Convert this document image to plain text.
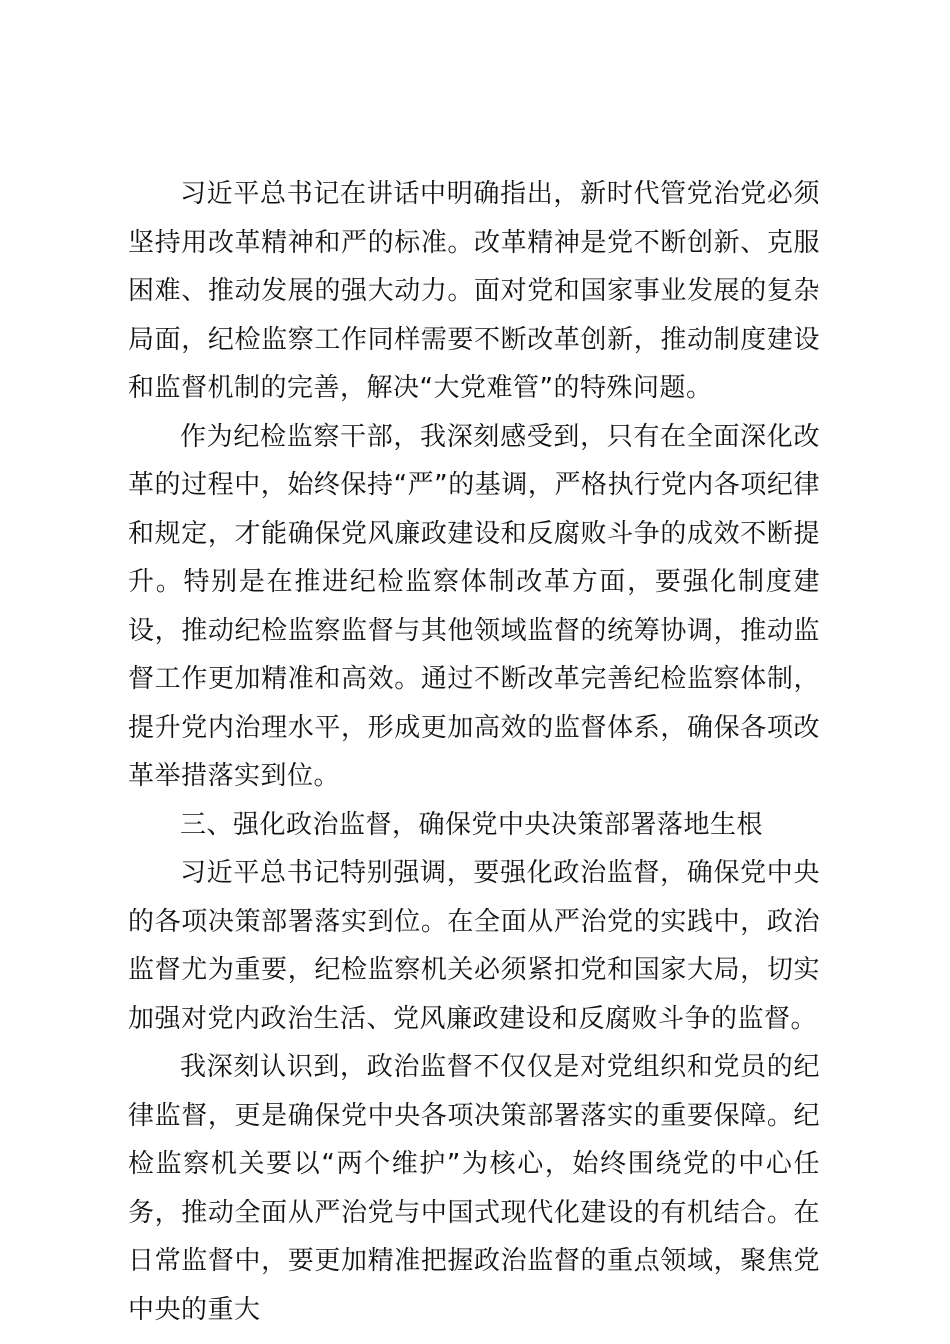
习近平总书记在讲话中明确指出，新时代管党治党必须坚持用改革精神和严的标准。改革精神是党不断创新、克服困难、推动发展的强大动力。面对党和国家事业发展的复杂局面，纪检监察工作同样需要不断改革创新，推动制度建设和监督机制的完善，解决“大党难管”的特殊问题。

作为纪检监察干部，我深刻感受到，只有在全面深化改革的过程中，始终保持“严”的基调，严格执行党内各项纪律和规定，才能确保党风廉政建设和反腐败斗争的成效不断提升。特别是在推进纪检监察体制改革方面，要强化制度建设，推动纪检监察监督与其他领域监督的统筹协调，推动监督工作更加精准和高效。通过不断改革完善纪检监察体制，提升党内治理水平，形成更加高效的监督体系，确保各项改革举措落实到位。

三、强化政治监督，确保党中央决策部署落地生根

习近平总书记特别强调，要强化政治监督，确保党中央的各项决策部署落实到位。在全面从严治党的实践中，政治监督尤为重要，纪检监察机关必须紧扣党和国家大局，切实加强对党内政治生活、党风廉政建设和反腐败斗争的监督。

我深刻认识到，政治监督不仅仅是对党组织和党员的纪律监督，更是确保党中央各项决策部署落实的重要保障。纪检监察机关要以“两个维护”为核心，始终围绕党的中心任务，推动全面从严治党与中国式现代化建设的有机结合。在日常监督中，要更加精准把握政治监督的重点领域，聚焦党中央的重大
